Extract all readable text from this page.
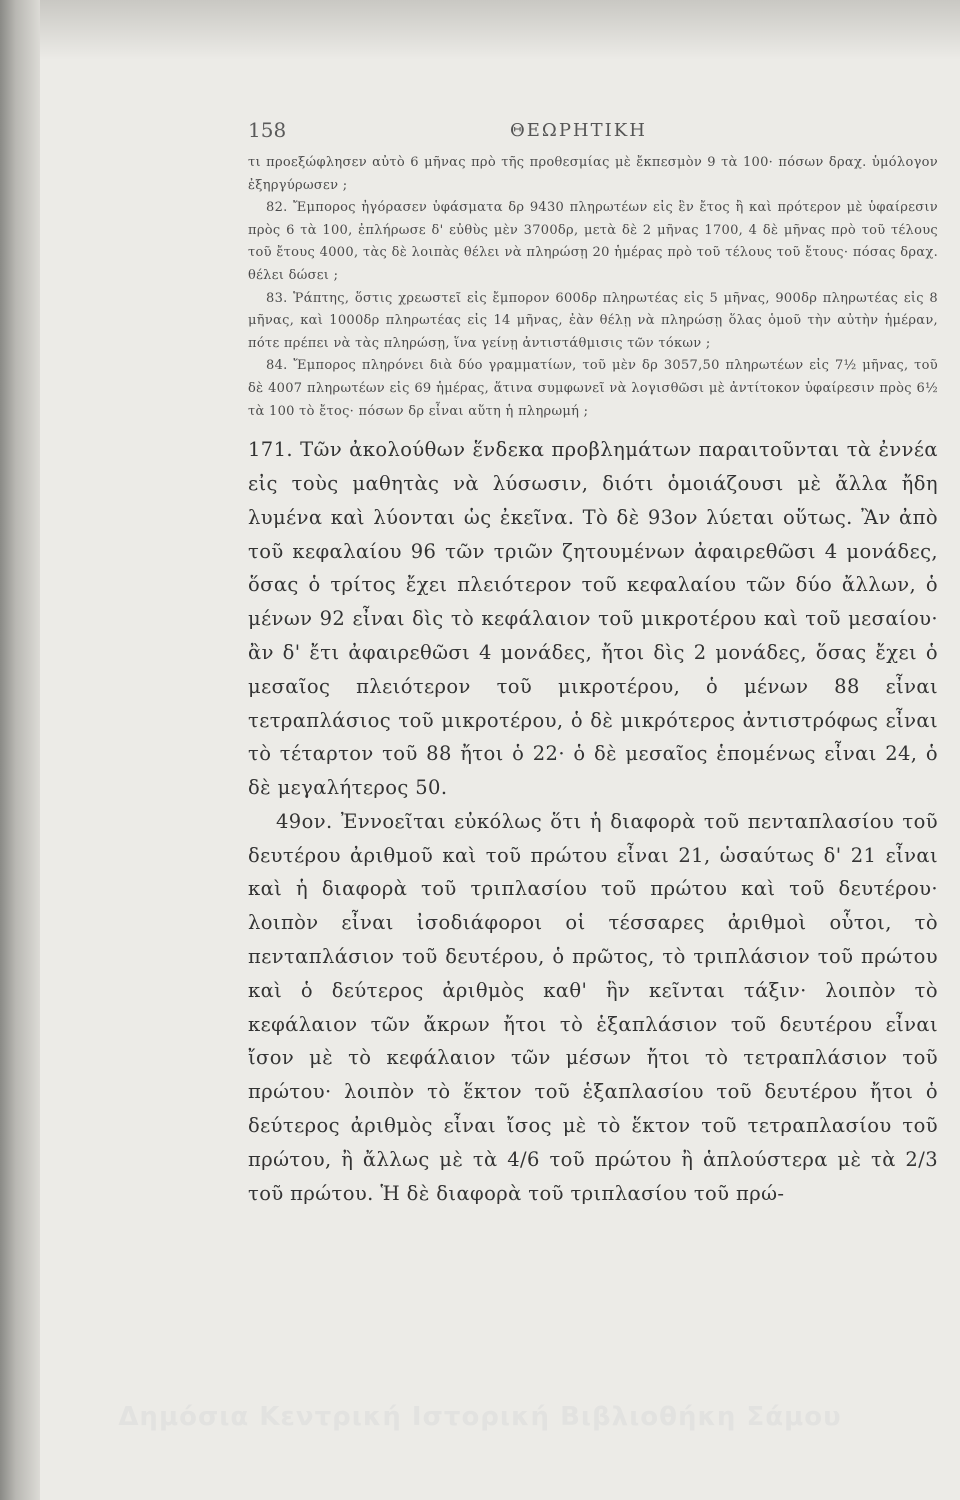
158	ΘΕΩΡΗΤΙΚΗ

τι προεξώφλησεν αὐτὸ 6 μῆνας πρὸ τῆς προθεσμίας μὲ ἔκπεσμὸν 9 τὰ 100· πόσων δραχ. ὑμόλογον ἐξηργύρωσεν ;

82. Ἔμπορος ἠγόρασεν ὑφάσματα δρ 9430 πληρωτέων εἰς ἓν ἔτος ἢ καὶ πρότερον μὲ ὑφαίρεσιν πρὸς 6 τὰ 100, ἐπλήρωσε δ' εὐθὺς μὲν 3700δρ, μετὰ δὲ 2 μῆνας 1700, 4 δὲ μῆνας πρὸ τοῦ τέλους τοῦ ἔτους 4000, τὰς δὲ λοιπὰς θέλει νὰ πληρώσῃ 20 ἡμέρας πρὸ τοῦ τέλους τοῦ ἔτους· πόσας δραχ. θέλει δώσει ;

83. Ῥάπτης, ὅστις χρεωστεῖ εἰς ἔμπορον 600δρ πληρωτέας εἰς 5 μῆνας, 900δρ πληρωτέας εἰς 8 μῆνας, καὶ 1000δρ πληρωτέας εἰς 14 μῆνας, ἐὰν θέλῃ νὰ πληρώσῃ ὅλας ὁμοῦ τὴν αὐτὴν ἡμέραν, πότε πρέπει νὰ τὰς πληρώσῃ, ἵνα γείνῃ ἀντιστάθμισις τῶν τόκων ;

84. Ἔμπορος πληρόνει διὰ δύο γραμματίων, τοῦ μὲν δρ 3057,50 πληρωτέων εἰς 7½ μῆνας, τοῦ δὲ 4007 πληρωτέων εἰς 69 ἡμέρας, ἅτινα συμφωνεῖ νὰ λογισθῶσι μὲ ἀντίτοκον ὑφαίρεσιν πρὸς 6½ τὰ 100 τὸ ἔτος· πόσων δρ εἶναι αὕτη ἡ πληρωμή ;

171. Τῶν ἀκολούθων ἕνδεκα προβλημάτων παραιτοῦνται τὰ ἐννέα εἰς τοὺς μαθητὰς νὰ λύσωσιν, διότι ὁμοιάζουσι μὲ ἄλλα ἤδη λυμένα καὶ λύονται ὡς ἐκεῖνα. Τὸ δὲ 93ον λύεται οὕτως. Ἂν ἀπὸ τοῦ κεφαλαίου 96 τῶν τριῶν ζητουμένων ἀφαιρεθῶσι 4 μονάδες, ὅσας ὁ τρίτος ἔχει πλειότερον τοῦ κεφαλαίου τῶν δύο ἄλλων, ὁ μένων 92 εἶναι δὶς τὸ κεφάλαιον τοῦ μικροτέρου καὶ τοῦ μεσαίου· ἂν δ' ἔτι ἀφαιρεθῶσι 4 μονάδες, ἤτοι δὶς 2 μονάδες, ὅσας ἔχει ὁ μεσαῖος πλειότερον τοῦ μικροτέρου, ὁ μένων 88 εἶναι τετραπλάσιος τοῦ μικροτέρου, ὁ δὲ μικρότερος ἀντιστρόφως εἶναι τὸ τέταρτον τοῦ 88 ἤτοι ὁ 22· ὁ δὲ μεσαῖος ἑπομένως εἶναι 24, ὁ δὲ μεγαλήτερος 50.

49ον. Ἐννοεῖται εὐκόλως ὅτι ἡ διαφορὰ τοῦ πενταπλασίου τοῦ δευτέρου ἀριθμοῦ καὶ τοῦ πρώτου εἶναι 21, ὡσαύτως δ' 21 εἶναι καὶ ἡ διαφορὰ τοῦ τριπλασίου τοῦ πρώτου καὶ τοῦ δευτέρου· λοιπὸν εἶναι ἰσοδιάφοροι οἱ τέσσαρες ἀριθμοὶ οὗτοι, τὸ πενταπλάσιον τοῦ δευτέρου, ὁ πρῶτος, τὸ τριπλάσιον τοῦ πρώτου καὶ ὁ δεύτερος ἀριθμὸς καθ' ἣν κεῖνται τάξιν· λοιπὸν τὸ κεφάλαιον τῶν ἄκρων ἤτοι τὸ ἑξαπλάσιον τοῦ δευτέρου εἶναι ἴσον μὲ τὸ κεφάλαιον τῶν μέσων ἤτοι τὸ τετραπλάσιον τοῦ πρώτου· λοιπὸν τὸ ἕκτον τοῦ ἑξαπλασίου τοῦ δευτέρου ἤτοι ὁ δεύτερος ἀριθμὸς εἶναι ἴσος μὲ τὸ ἕκτον τοῦ τετραπλασίου τοῦ πρώτου, ἢ ἄλλως μὲ τὰ 4/6 τοῦ πρώτου ἢ ἁπλούστερα μὲ τὰ 2/3 τοῦ πρώτου. Ἡ δὲ διαφορὰ τοῦ τριπλασίου τοῦ πρώ-

Δημόσια Κεντρική Ιστορική Βιβλιοθήκη Σάμου
